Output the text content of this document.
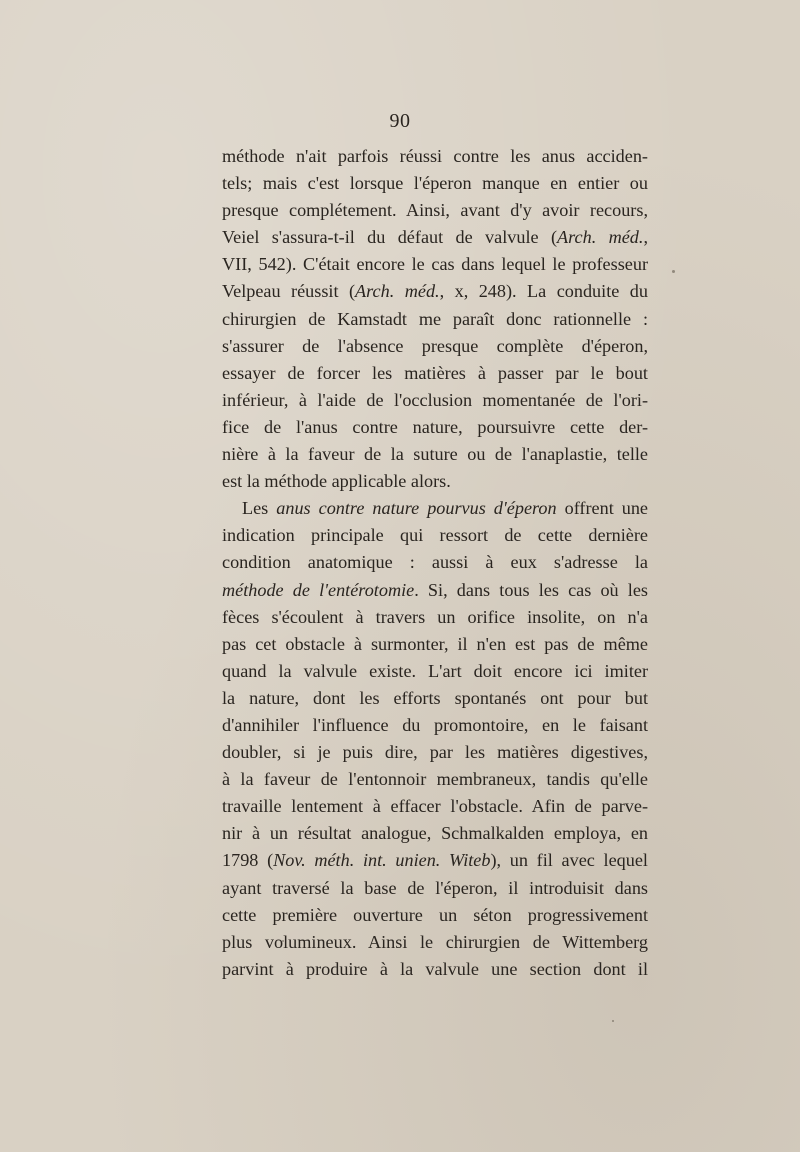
90
méthode n'ait parfois réussi contre les anus acciden-
tels; mais c'est lorsque l'éperon manque en entier ou
presque complétement. Ainsi, avant d'y avoir recours,
Veiel s'assura-t-il du défaut de valvule (Arch. méd.,
VII, 542). C'était encore le cas dans lequel le professeur
Velpeau réussit (Arch. méd., x, 248). La conduite du
chirurgien de Kamstadt me paraît donc rationnelle :
s'assurer de l'absence presque complète d'éperon,
essayer de forcer les matières à passer par le bout
inférieur, à l'aide de l'occlusion momentanée de l'ori-
fice de l'anus contre nature, poursuivre cette der-
nière à la faveur de la suture ou de l'anaplastie, telle
est la méthode applicable alors.
Les anus contre nature pourvus d'éperon offrent une
indication principale qui ressort de cette dernière
condition anatomique : aussi à eux s'adresse la
méthode de l'entérotomie. Si, dans tous les cas où les
fèces s'écoulent à travers un orifice insolite, on n'a
pas cet obstacle à surmonter, il n'en est pas de même
quand la valvule existe. L'art doit encore ici imiter
la nature, dont les efforts spontanés ont pour but
d'annihiler l'influence du promontoire, en le faisant
doubler, si je puis dire, par les matières digestives,
à la faveur de l'entonnoir membraneux, tandis qu'elle
travaille lentement à effacer l'obstacle. Afin de parve-
nir à un résultat analogue, Schmalkalden employa, en
1798 (Nov. méth. int. unien. Witeb), un fil avec lequel
ayant traversé la base de l'éperon, il introduisit dans
cette première ouverture un séton progressivement
plus volumineux. Ainsi le chirurgien de Wittemberg
parvint à produire à la valvule une section dont il
